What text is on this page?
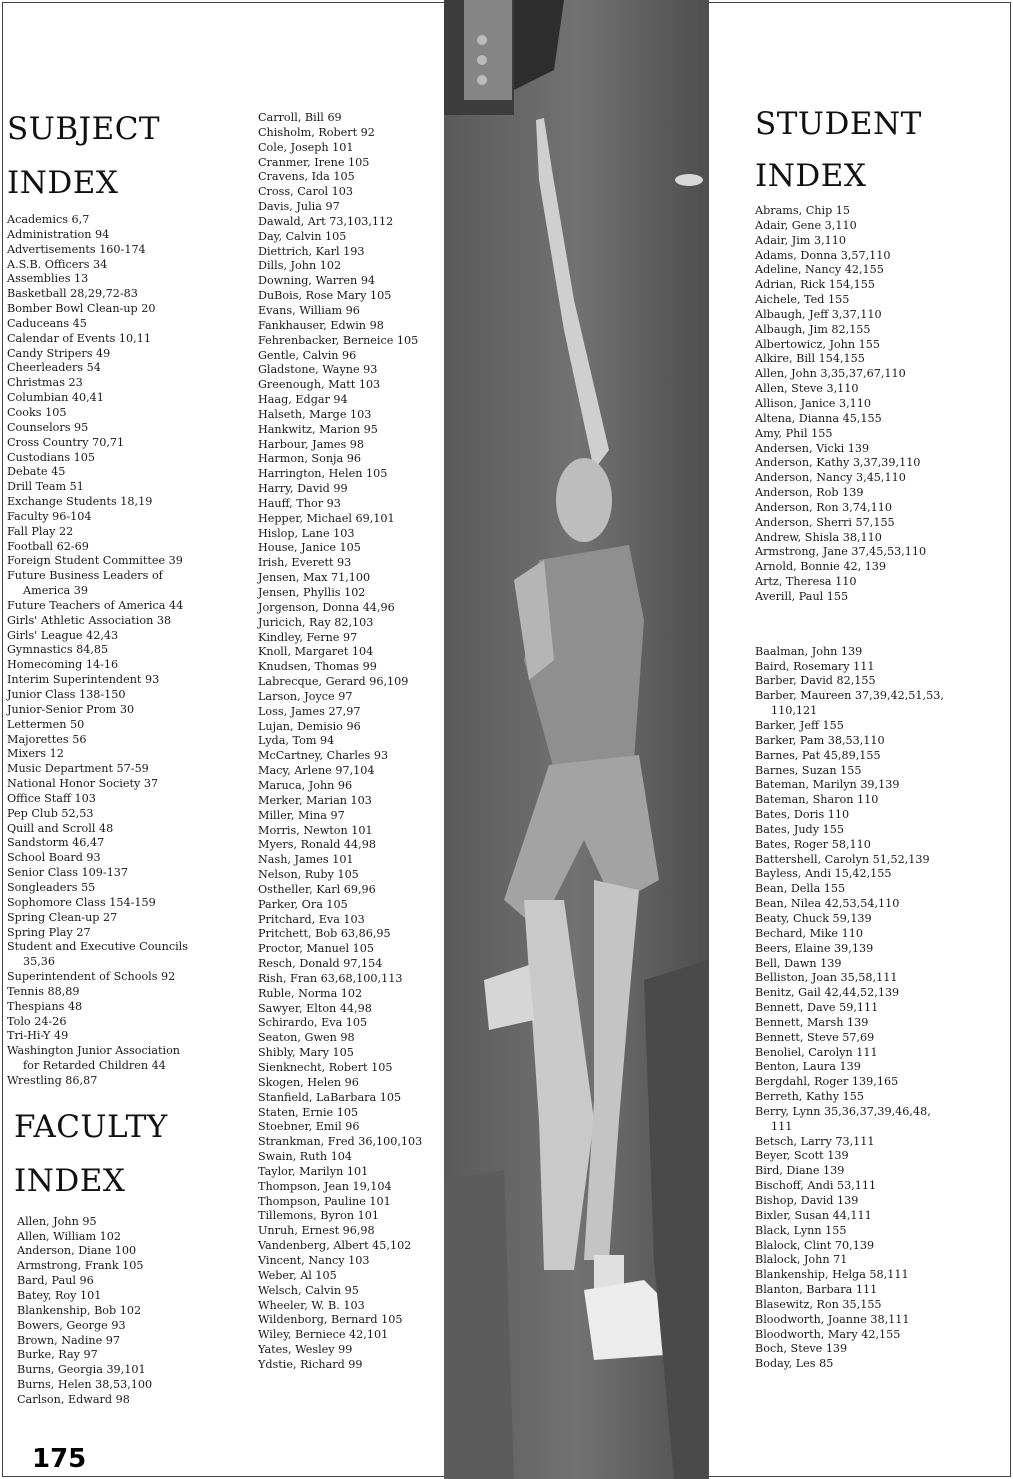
SUBJECT
INDEX
Academics 6,7
Administration 94
Advertisements 160-174
A.S.B. Officers 34
Assemblies 13
Basketball 28,29,72-83
Bomber Bowl Clean-up 20
Caduceans 45
Calendar of Events 10,11
Candy Stripers 49
Cheerleaders 54
Christmas 23
Columbian 40,41
Cooks 105
Counselors 95
Cross Country 70,71
Custodians 105
Debate 45
Drill Team 51
Exchange Students 18,19
Faculty 96-104
Fall Play 22
Football 62-69
Foreign Student Committee 39
Future Business Leaders of
America 39
Future Teachers of America 44
Girls' Athletic Association 38
Girls' League 42,43
Gymnastics 84,85
Homecoming 14-16
Interim Superintendent 93
Junior Class 138-150
Junior-Senior Prom 30
Lettermen 50
Majorettes 56
Mixers 12
Music Department 57-59
National Honor Society 37
Office Staff 103
Pep Club 52,53
Quill and Scroll 48
Sandstorm 46,47
School Board 93
Senior Class 109-137
Songleaders 55
Sophomore Class 154-159
Spring Clean-up 27
Spring Play 27
Student and Executive Councils
35,36
Superintendent of Schools 92
Tennis 88,89
Thespians 48
Tolo 24-26
Tri-Hi-Y 49
Washington Junior Association
for Retarded Children 44
Wrestling 86,87
FACULTY
INDEX
Allen, John 95
Allen, William 102
Anderson, Diane 100
Armstrong, Frank 105
Bard, Paul 96
Batey, Roy 101
Blankenship, Bob 102
Bowers, George 93
Brown, Nadine 97
Burke, Ray 97
Burns, Georgia 39,101
Burns, Helen 38,53,100
Carlson, Edward 98
Carroll, Bill 69
Chisholm, Robert 92
Cole, Joseph 101
Cranmer, Irene 105
Cravens, Ida 105
Cross, Carol 103
Davis, Julia 97
Dawald, Art 73,103,112
Day, Calvin 105
Diettrich, Karl 193
Dills, John 102
Downing, Warren 94
DuBois, Rose Mary 105
Evans, William 96
Fankhauser, Edwin 98
Fehrenbacker, Berneice 105
Gentle, Calvin 96
Gladstone, Wayne 93
Greenough, Matt 103
Haag, Edgar 94
Halseth, Marge 103
Hankwitz, Marion 95
Harbour, James 98
Harmon, Sonja 96
Harrington, Helen 105
Harry, David 99
Hauff, Thor 93
Hepper, Michael 69,101
Hislop, Lane 103
House, Janice 105
Irish, Everett 93
Jensen, Max 71,100
Jensen, Phyllis 102
Jorgenson, Donna 44,96
Juricich, Ray 82,103
Kindley, Ferne 97
Knoll, Margaret 104
Knudsen, Thomas 99
Labrecque, Gerard 96,109
Larson, Joyce 97
Loss, James 27,97
Lujan, Demisio 96
Lyda, Tom 94
McCartney, Charles 93
Macy, Arlene 97,104
Maruca, John 96
Merker, Marian 103
Miller, Mina 97
Morris, Newton 101
Myers, Ronald 44,98
Nash, James 101
Nelson, Ruby 105
Ostheller, Karl 69,96
Parker, Ora 105
Pritchard, Eva 103
Pritchett, Bob 63,86,95
Proctor, Manuel 105
Resch, Donald 97,154
Rish, Fran 63,68,100,113
Ruble, Norma 102
Sawyer, Elton 44,98
Schirardo, Eva 105
Seaton, Gwen 98
Shibly, Mary 105
Sienknecht, Robert 105
Skogen, Helen 96
Stanfield, LaBarbara 105
Staten, Ernie 105
Stoebner, Emil 96
Strankman, Fred 36,100,103
Swain, Ruth 104
Taylor, Marilyn 101
Thompson, Jean 19,104
Thompson, Pauline 101
Tillemons, Byron 101
Unruh, Ernest 96,98
Vandenberg, Albert 45,102
Vincent, Nancy 103
Weber, Al 105
Welsch, Calvin 95
Wheeler, W. B. 103
Wildenborg, Bernard 105
Wiley, Berniece 42,101
Yates, Wesley 99
Ydstie, Richard 99
STUDENT
INDEX
Abrams, Chip 15
Adair, Gene 3,110
Adair, Jim 3,110
Adams, Donna 3,57,110
Adeline, Nancy 42,155
Adrian, Rick 154,155
Aichele, Ted 155
Albaugh, Jeff 3,37,110
Albaugh, Jim 82,155
Albertowicz, John 155
Alkire, Bill 154,155
Allen, John 3,35,37,67,110
Allen, Steve 3,110
Allison, Janice 3,110
Altena, Dianna 45,155
Amy, Phil 155
Andersen, Vicki 139
Anderson, Kathy 3,37,39,110
Anderson, Nancy 3,45,110
Anderson, Rob 139
Anderson, Ron 3,74,110
Anderson, Sherri 57,155
Andrew, Shisla 38,110
Armstrong, Jane 37,45,53,110
Arnold, Bonnie 42, 139
Artz, Theresa 110
Averill, Paul 155
Baalman, John 139
Baird, Rosemary 111
Barber, David 82,155
Barber, Maureen 37,39,42,51,53,
110,121
Barker, Jeff 155
Barker, Pam 38,53,110
Barnes, Pat 45,89,155
Barnes, Suzan 155
Bateman, Marilyn 39,139
Bateman, Sharon 110
Bates, Doris 110
Bates, Judy 155
Bates, Roger 58,110
Battershell, Carolyn 51,52,139
Bayless, Andi 15,42,155
Bean, Della 155
Bean, Nilea 42,53,54,110
Beaty, Chuck 59,139
Bechard, Mike 110
Beers, Elaine 39,139
Bell, Dawn 139
Belliston, Joan 35,58,111
Benitz, Gail 42,44,52,139
Bennett, Dave 59,111
Bennett, Marsh 139
Bennett, Steve 57,69
Benoliel, Carolyn 111
Benton, Laura 139
Bergdahl, Roger 139,165
Berreth, Kathy 155
Berry, Lynn 35,36,37,39,46,48,
111
Betsch, Larry 73,111
Beyer, Scott 139
Bird, Diane 139
Bischoff, Andi 53,111
Bishop, David 139
Bixler, Susan 44,111
Black, Lynn 155
Blalock, Clint 70,139
Blalock, John 71
Blankenship, Helga 58,111
Blanton, Barbara 111
Blasewitz, Ron 35,155
Bloodworth, Joanne 38,111
Bloodworth, Mary 42,155
Boch, Steve 139
Boday, Les 85
175
